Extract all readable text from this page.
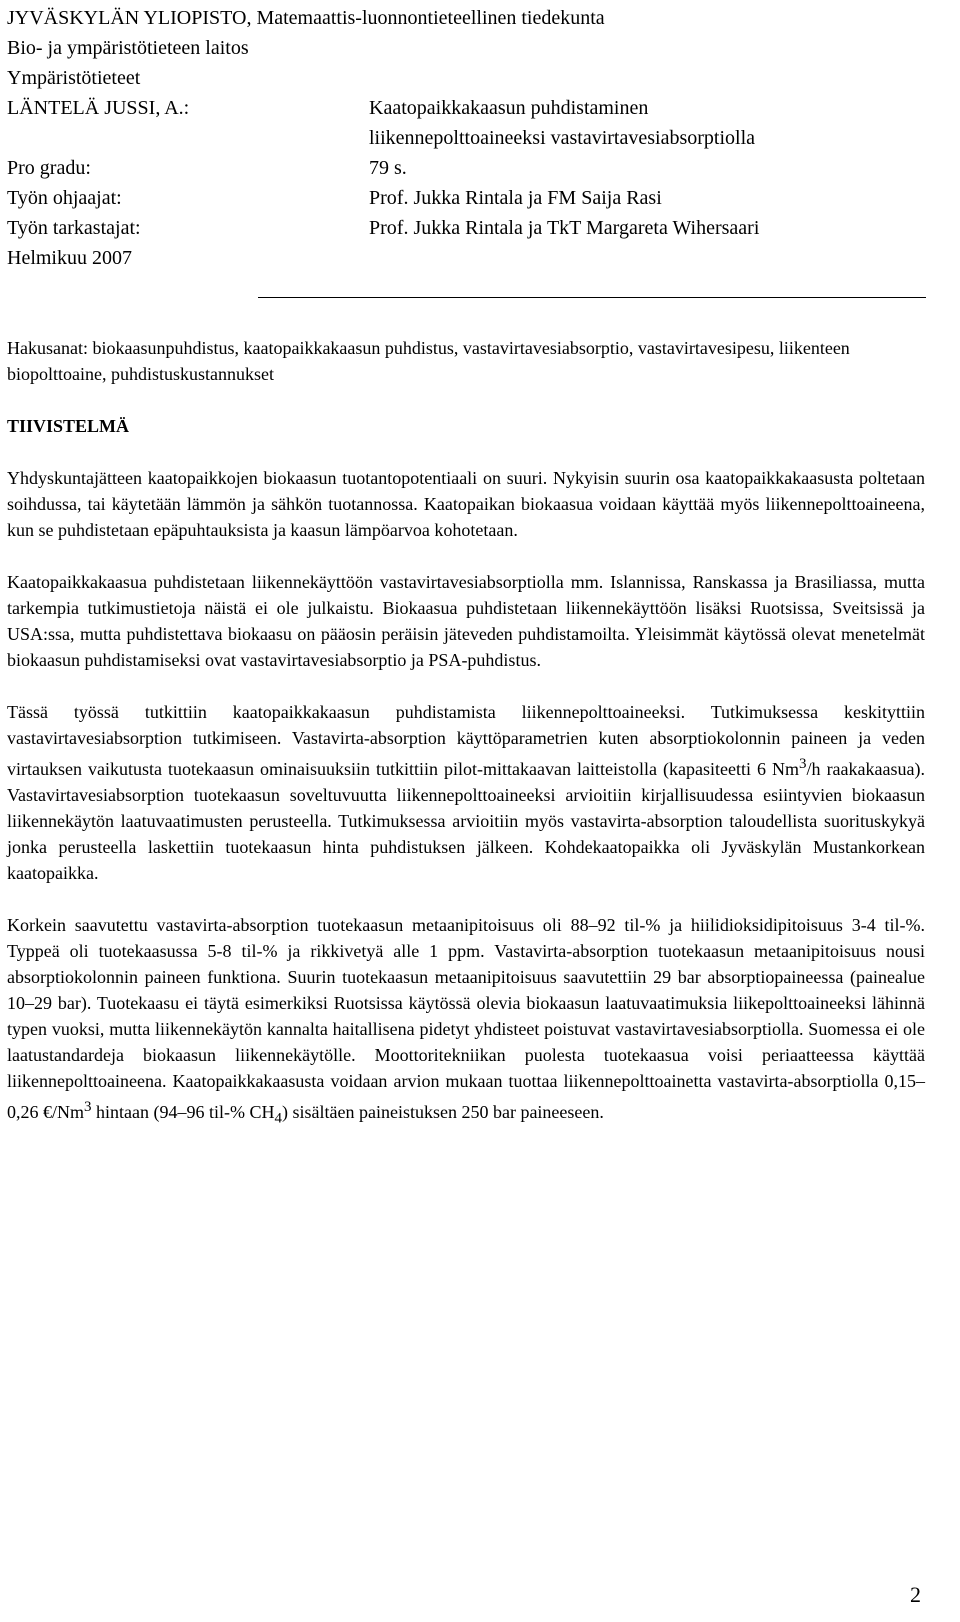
JYVÄSKYLÄN YLIOPISTO, Matemaattis-luonnontieteellinen tiedekunta
Bio- ja ympäristötieteen laitos
Ympäristötieteet
LÄNTELÄ JUSSI, A.:	Kaatopaikkakaasun puhdistaminen
liikennepolttoaineeksi vastavirtavesiabsorptiolla
Pro gradu:	79 s.
Työn ohjaajat:	Prof. Jukka Rintala ja FM Saija Rasi
Työn tarkastajat:	Prof. Jukka Rintala ja TkT Margareta Wihersaari
Helmikuu 2007

Hakusanat: biokaasunpuhdistus, kaatopaikkakaasun puhdistus, vastavirtavesiabsorptio, vastavirtavesipesu, liikenteen biopolttoaine, puhdistuskustannukset

TIIVISTELMÄ

Yhdyskuntajätteen kaatopaikkojen biokaasun tuotantopotentiaali on suuri. Nykyisin suurin osa kaatopaikkakaasusta poltetaan soihdussa, tai käytetään lämmön ja sähkön tuotannossa. Kaatopaikan biokaasua voidaan käyttää myös liikennepolttoaineena, kun se puhdistetaan epäpuhtauksista ja kaasun lämpöarvoa kohotetaan.

Kaatopaikkakaasua puhdistetaan liikennekäyttöön vastavirtavesiabsorptiolla mm. Islannissa, Ranskassa ja Brasiliassa, mutta tarkempia tutkimustietoja näistä ei ole julkaistu. Biokaasua puhdistetaan liikennekäyttöön lisäksi Ruotsissa, Sveitsissä ja USA:ssa, mutta puhdistettava biokaasu on pääosin peräisin jäteveden puhdistamoilta. Yleisimmät käytössä olevat menetelmät biokaasun puhdistamiseksi ovat vastavirtavesiabsorptio ja PSA-puhdistus.

Tässä työssä tutkittiin kaatopaikkakaasun puhdistamista liikennepolttoaineeksi. Tutkimuksessa keskityttiin vastavirtavesiabsorption tutkimiseen. Vastavirta-absorption käyttöparametrien kuten absorptiokolonnin paineen ja veden virtauksen vaikutusta tuotekaasun ominaisuuksiin tutkittiin pilot-mittakaavan laitteistolla (kapasiteetti 6 Nm$^3$/h raakakaasua). Vastavirtavesiabsorption tuotekaasun soveltuvuutta liikennepolttoaineeksi arvioitiin kirjallisuudessa esiintyvien biokaasun liikennekäytön laatuvaatimusten perusteella. Tutkimuksessa arvioitiin myös vastavirta-absorption taloudellista suorituskykyä jonka perusteella laskettiin tuotekaasun hinta puhdistuksen jälkeen. Kohdekaatopaikka oli Jyväskylän Mustankorkean kaatopaikka.

Korkein saavutettu vastavirta-absorption tuotekaasun metaanipitoisuus oli 88–92 til-% ja hiilidioksidipitoisuus 3-4 til-%. Typpeä oli tuotekaasussa 5-8 til-% ja rikkivetyä alle 1 ppm. Vastavirta-absorption tuotekaasun metaanipitoisuus nousi absorptiokolonnin paineen funktiona. Suurin tuotekaasun metaanipitoisuus saavutettiin 29 bar absorptiopaineessa (painealue 10–29 bar). Tuotekaasu ei täytä esimerkiksi Ruotsissa käytössä olevia biokaasun laatuvaatimuksia liikepolttoaineeksi lähinnä typen vuoksi, mutta liikennekäytön kannalta haitallisena pidetyt yhdisteet poistuvat vastavirtavesiabsorptiolla. Suomessa ei ole laatustandardeja biokaasun liikennekäytölle. Moottoritekniikan puolesta tuotekaasua voisi periaatteessa käyttää liikennepolttoaineena. Kaatopaikkakaasusta voidaan arvion mukaan tuottaa liikennepolttoainetta vastavirta-absorptiolla 0,15–0,26 €/Nm$^3$ hintaan (94–96 til-% $CH_4$) sisältäen paineistuksen 250 bar paineeseen.

2
